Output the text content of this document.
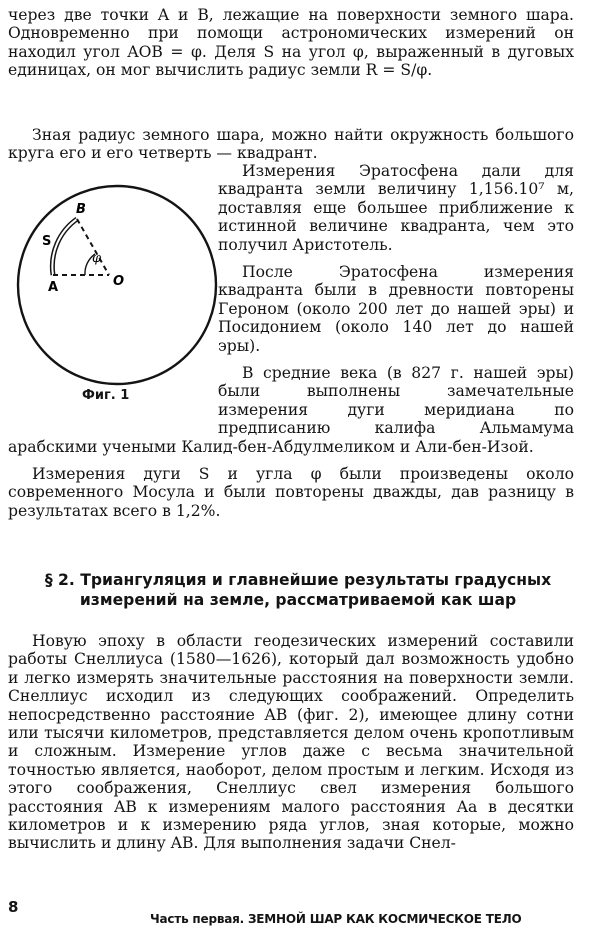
через две точки A и B, лежащие на поверхности земного шара. Одновременно при помощи астрономических измерений он находил угол AOB = φ. Деля S на угол φ, выраженный в дуговых единицах, он мог вычислить радиус земли R = S/φ.

Зная радиус земного шара, можно найти окружность большого круга его и его четверть — квадрант.

S
B
A	O
φ
Фиг. 1

Измерения Эратосфена дали для квадранта земли величину 1,156.10⁷ м, доставляя еще большее приближение к истинной величине квадранта, чем это получил Аристотель.

После Эратосфена измерения квадранта были в древности повторены Героном (около 200 лет до нашей эры) и Посидонием (около 140 лет до нашей эры).

В средние века (в 827 г. нашей эры) были выполнены замечательные измерения дуги меридиана по предписанию калифа Альмамума арабскими учеными Калид-бен-Абдулмеликом и Али-бен-Изой.

Измерения дуги S и угла φ были произведены около современного Мосула и были повторены дважды, дав разницу в результатах всего в 1,2%.

§ 2. Триангуляция и главнейшие результаты градусных измерений на земле, рассматриваемой как шар

Новую эпоху в области геодезических измерений составили работы Снеллиуса (1580—1626), который дал возможность удобно и легко измерять значительные расстояния на поверхности земли. Снеллиус исходил из следующих соображений. Определить непосредственно расстояние AB (фиг. 2), имеющее длину сотни или тысячи километров, представляется делом очень кропотливым и сложным. Измерение углов даже с весьма значительной точностью является, наоборот, делом простым и легким. Исходя из этого соображения, Снеллиус свел измерения большого расстояния AB к измерениям малого расстояния Aa в десятки километров и к измерению ряда углов, зная которые, можно вычислить и длину AB. Для выполнения задачи Снел-

8
Часть первая. ЗЕМНОЙ ШАР КАК КОСМИЧЕСКОЕ ТЕЛО
